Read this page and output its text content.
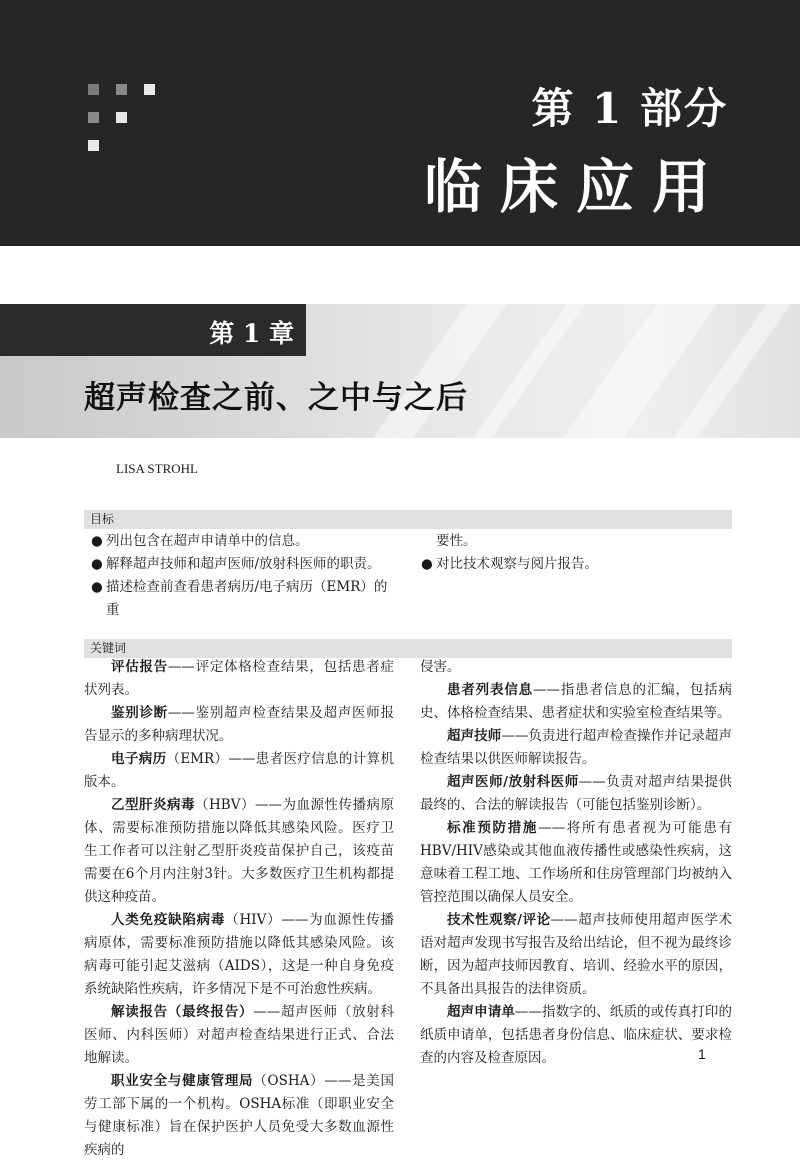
第 1 部分
临床应用
第 1 章
超声检查之前、之中与之后
LISA STROHL
目标

● 列出包含在超声申请单中的信息。

● 解释超声技师和超声医师/放射科医师的职责。

● 描述检查前查看患者病历/电子病历（EMR）的重

要性。

● 对比技术观察与阅片报告。

关键词

评估报告——评定体格检查结果，包括患者症状列表。

鉴别诊断——鉴别超声检查结果及超声医师报告显示的多种病理状况。

电子病历（EMR）——患者医疗信息的计算机版本。

乙型肝炎病毒（HBV）——为血源性传播病原体、需要标准预防措施以降低其感染风险。医疗卫生工作者可以注射乙型肝炎疫苗保护自己，该疫苗需要在6个月内注射3针。大多数医疗卫生机构都提供这种疫苗。

人类免疫缺陷病毒（HIV）——为血源性传播病原体，需要标准预防措施以降低其感染风险。该病毒可能引起艾滋病（AIDS），这是一种自身免疫系统缺陷性疾病，许多情况下是不可治愈性疾病。

解读报告（最终报告）——超声医师（放射科医师、内科医师）对超声检查结果进行正式、合法地解读。

职业安全与健康管理局（OSHA）——是美国劳工部下属的一个机构。OSHA标准（即职业安全与健康标准）旨在保护医护人员免受大多数血源性疾病的

侵害。

患者列表信息——指患者信息的汇编，包括病史、体格检查结果、患者症状和实验室检查结果等。

超声技师——负责进行超声检查操作并记录超声检查结果以供医师解读报告。

超声医师/放射科医师——负责对超声结果提供最终的、合法的解读报告（可能包括鉴别诊断）。

标准预防措施——将所有患者视为可能患有HBV/HIV感染或其他血液传播性或感染性疾病，这意味着工程工地、工作场所和住房管理部门均被纳入管控范围以确保人员安全。

技术性观察/评论——超声技师使用超声医学术语对超声发现书写报告及给出结论，但不视为最终诊断，因为超声技师因教育、培训、经验水平的原因，不具备出具报告的法律资质。

超声申请单——指数字的、纸质的或传真打印的纸质申请单，包括患者身份信息、临床症状、要求检查的内容及检查原因。	1
